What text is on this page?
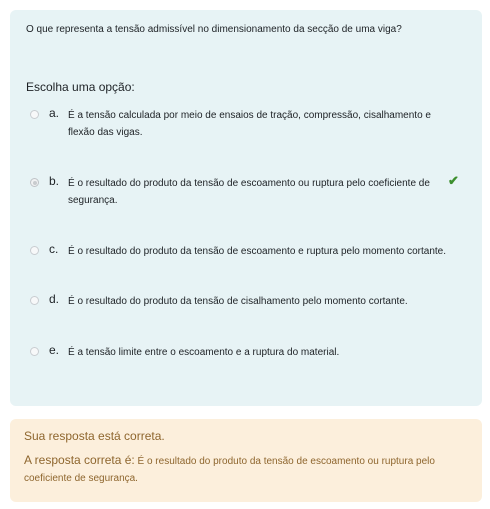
O que representa a tensão admissível no dimensionamento da secção de uma viga?
Escolha uma opção:
a. É a tensão calculada por meio de ensaios de tração, compressão, cisalhamento e flexão das vigas.
b. É o resultado do produto da tensão de escoamento ou ruptura pelo coeficiente de segurança.
✔
c. É o resultado do produto da tensão de escoamento e ruptura pelo momento cortante.
d. É o resultado do produto da tensão de cisalhamento pelo momento cortante.
e. É a tensão limite entre o escoamento e a ruptura do material.
Sua resposta está correta.
A resposta correta é: É o resultado do produto da tensão de escoamento ou ruptura pelo coeficiente de segurança.
